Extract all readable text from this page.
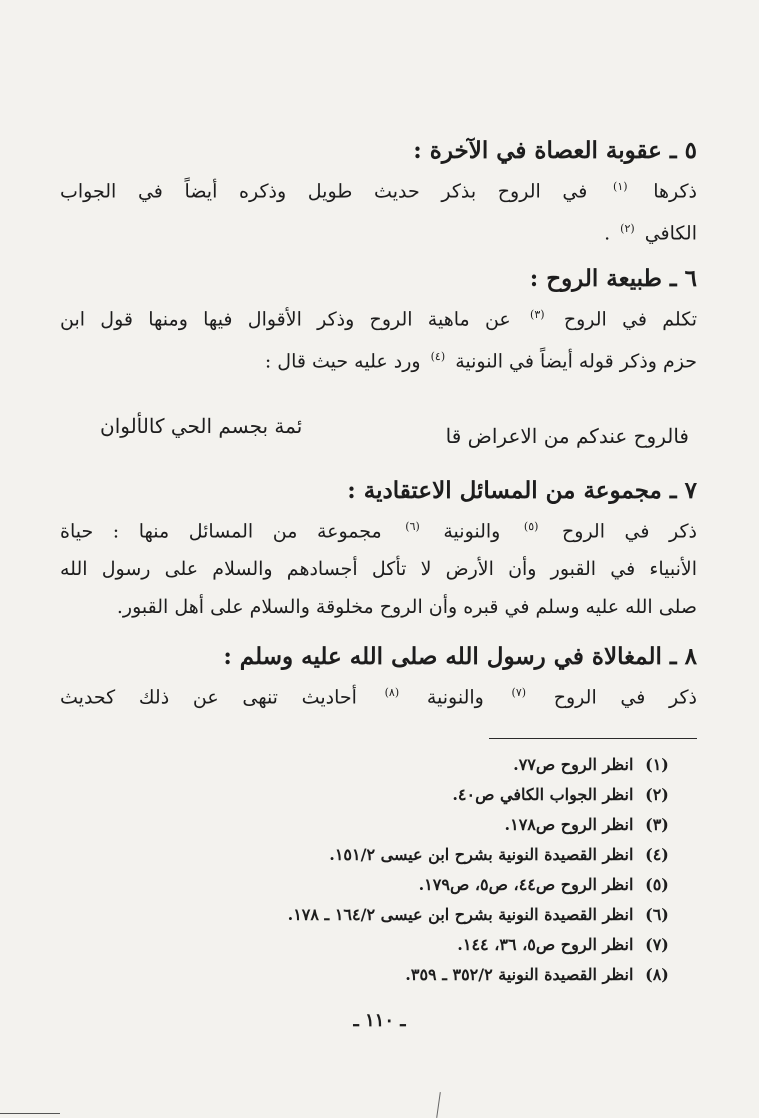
٥ ـ عقوبة العصاة في الآخرة :
ذكرها $^{(١)}$ في الروح بذكر حديث طويل وذكره أيضاً في الجواب
الكافي $^{(٢)}$ .
٦ ـ طبيعة الروح :
تكلم في الروح $^{(٣)}$ عن ماهية الروح وذكر الأقوال فيها ومنها قول ابن
حزم وذكر قوله أيضاً في النونية $^{(٤)}$ ورد عليه حيث قال :
فالروح عندكم من الاعراض قا
ئمة بجسم الحي كالألوان
٧ ـ مجموعة من المسائل الاعتقادية :
ذكر في الروح $^{(٥)}$ والنونية $^{(٦)}$ مجموعة من المسائل منها : حياة
الأنبياء في القبور وأن الأرض لا تأكل أجسادهم والسلام على رسول الله
صلى الله عليه وسلم في قبره وأن الروح مخلوقة والسلام على أهل القبور.
٨ ـ المغالاة في رسول الله صلى الله عليه وسلم :
ذكر في الروح $^{(٧)}$ والنونية $^{(٨)}$ أحاديث تنهى عن ذلك كحديث
(١) انظر الروح ص٧٧.
(٢) انظر الجواب الكافي ص٤٠.
(٣) انظر الروح ص١٧٨.
(٤) انظر القصيدة النونية بشرح ابن عيسى ١٥١/٢.
(٥) انظر الروح ص٤٤، ص٥، ص١٧٩.
(٦) انظر القصيدة النونية بشرح ابن عيسى ١٦٤/٢ ـ ١٧٨.
(٧) انظر الروح ص٥، ٣٦، ١٤٤.
(٨) انظر القصيدة النونية ٣٥٢/٢ ـ ٣٥٩.
ـ ١١٠ ـ
